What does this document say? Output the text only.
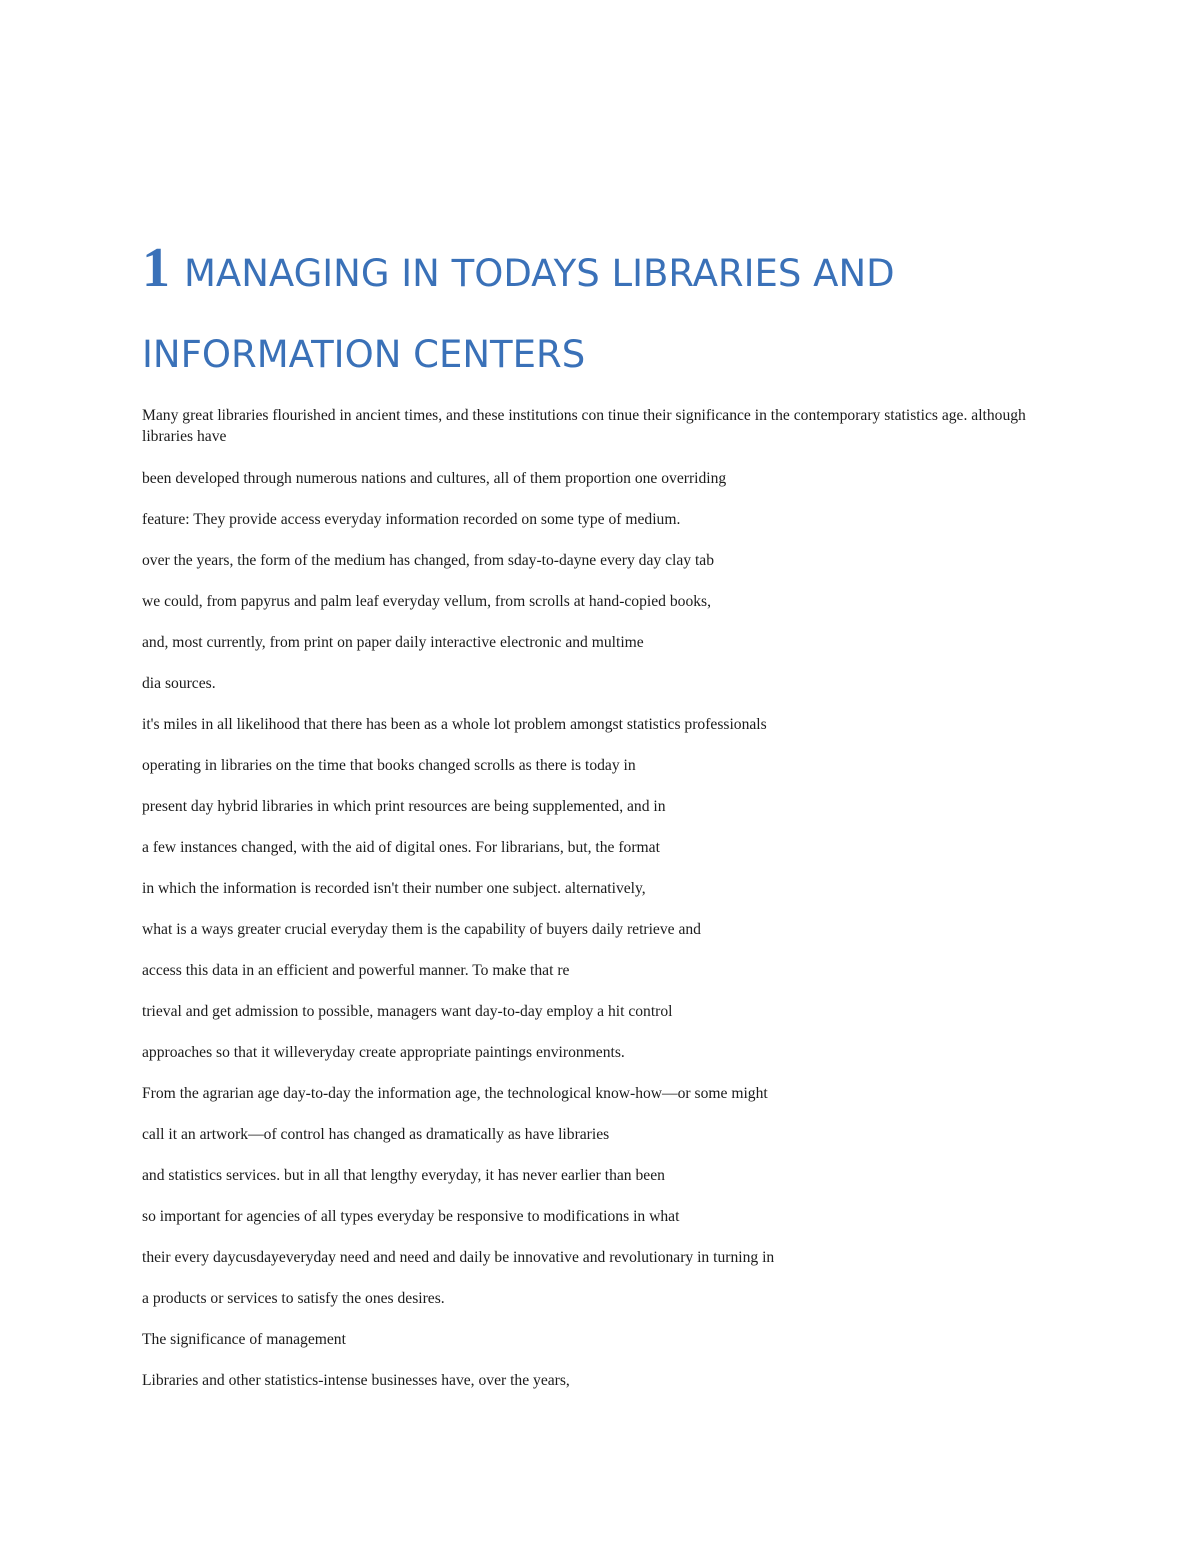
1 MANAGING IN TODAYS LIBRARIES AND INFORMATION CENTERS

Many great libraries flourished in ancient times, and these institutions con tinue their significance in the contemporary statistics age. although libraries have

been developed through numerous nations and cultures, all of them proportion one overriding

feature: They provide access everyday information recorded on some type of medium.

over the years, the form of the medium has changed, from sday-to-dayne every day clay tab

we could, from papyrus and palm leaf everyday vellum, from scrolls at hand-copied books,

and, most currently, from print on paper daily interactive electronic and multime

dia sources.

it's miles in all likelihood that there has been as a whole lot problem amongst statistics professionals

operating in libraries on the time that books changed scrolls as there is today in

present day hybrid libraries in which print resources are being supplemented, and in

a few instances changed, with the aid of digital ones. For librarians, but, the format

in which the information is recorded isn't their number one subject. alternatively,

what is a ways greater crucial everyday them is the capability of buyers daily retrieve and

access this data in an efficient and powerful manner. To make that re

trieval and get admission to possible, managers want day-to-day employ a hit control

approaches so that it willeveryday create appropriate paintings environments.

From the agrarian age day-to-day the information age, the technological know-how—or some might

call it an artwork—of control has changed as dramatically as have libraries

and statistics services. but in all that lengthy everyday, it has never earlier than been

so important for agencies of all types everyday be responsive to modifications in what

their every daycusdayeveryday need and need and daily be innovative and revolutionary in turning in

a products or services to satisfy the ones desires.

The significance of management

Libraries and other statistics-intense businesses have, over the years,
